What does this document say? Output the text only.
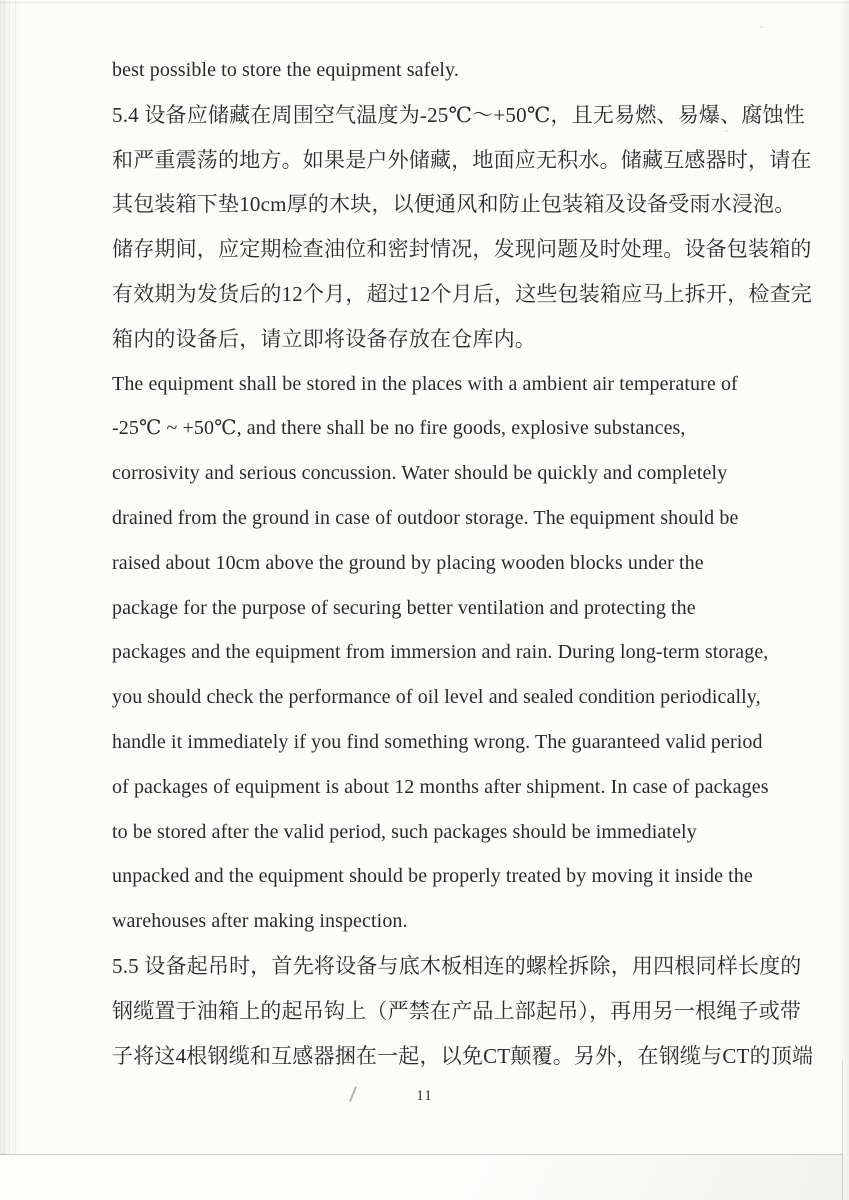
best possible to store the equipment safely.
5.4 设备应储藏在周围空气温度为-25℃～+50℃，且无易燃、易爆、腐蚀性
和严重震荡的地方。如果是户外储藏，地面应无积水。储藏互感器时，请在
其包装箱下垫10cm厚的木块，以便通风和防止包装箱及设备受雨水浸泡。
储存期间，应定期检查油位和密封情况，发现问题及时处理。设备包装箱的
有效期为发货后的12个月，超过12个月后，这些包装箱应马上拆开，检查完
箱内的设备后，请立即将设备存放在仓库内。
The equipment shall be stored in the places with a ambient air temperature of
-25℃ ~ +50℃, and there shall be no fire goods, explosive substances,
corrosivity and serious concussion. Water should be quickly and completely
drained from the ground in case of outdoor storage. The equipment should be
raised about 10cm above the ground by placing wooden blocks under the
package for the purpose of securing better ventilation and protecting the
packages and the equipment from immersion and rain. During long-term storage,
you should check the performance of oil level and sealed condition periodically,
handle it immediately if you find something wrong. The guaranteed valid period
of packages of equipment is about 12 months after shipment. In case of packages
to be stored after the valid period, such packages should be immediately
unpacked and the equipment should be properly treated by moving it inside the
warehouses after making inspection.
5.5 设备起吊时，首先将设备与底木板相连的螺栓拆除，用四根同样长度的
钢缆置于油箱上的起吊钩上（严禁在产品上部起吊），再用另一根绳子或带
子将这4根钢缆和互感器捆在一起，以免CT颠覆。另外，在钢缆与CT的顶端
11
